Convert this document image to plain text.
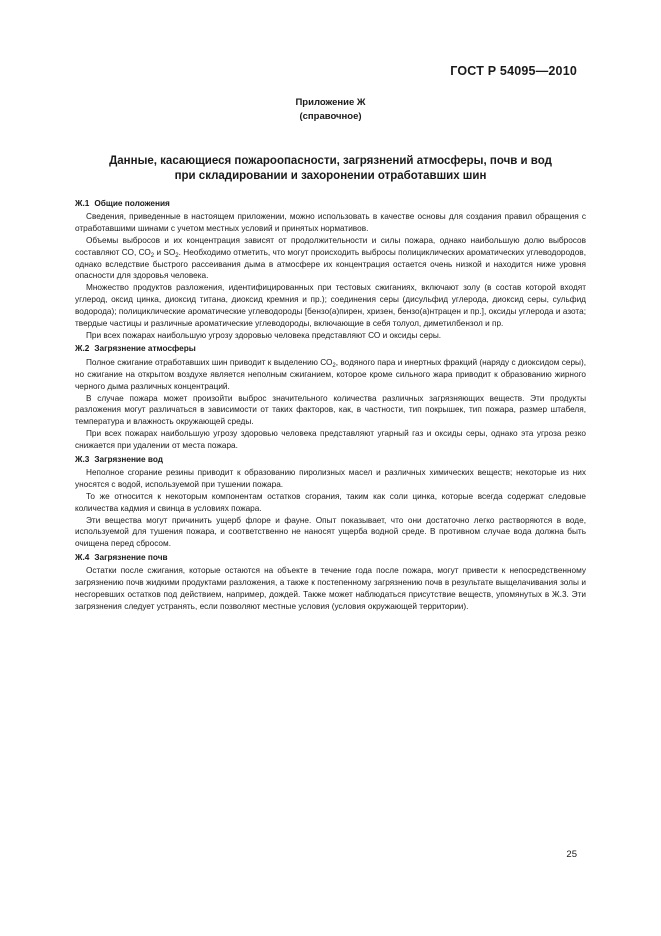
ГОСТ Р 54095—2010
Приложение Ж
(справочное)
Данные, касающиеся пожароопасности, загрязнений атмосферы, почв и вод
при складировании и захоронении отработавших шин
Ж.1 Общие положения

Сведения, приведенные в настоящем приложении, можно использовать в качестве основы для создания правил обращения с отработавшими шинами с учетом местных условий и принятых нормативов.

Объемы выбросов и их концентрация зависят от продолжительности и силы пожара, однако наибольшую долю выбросов составляют СО, $СО_2$ и $SO_2$. Необходимо отметить, что могут происходить выбросы полициклических ароматических углеводородов, однако вследствие быстрого рассеивания дыма в атмосфере их концентрация остается очень низкой и находится ниже уровня опасности для здоровья человека.

Множество продуктов разложения, идентифицированных при тестовых сжиганиях, включают золу (в состав которой входят углерод, оксид цинка, диоксид титана, диоксид кремния и пр.); соединения серы (дисульфид углерода, диоксид серы, сульфид водорода); полициклические ароматические углеводороды [бензо(а)пирен, хризен, бензо(а)нтрацен и пр.], оксиды углерода и азота; твердые частицы и различные ароматические углеводороды, включающие в себя толуол, диметилбензол и пр.

При всех пожарах наибольшую угрозу здоровью человека представляют СО и оксиды серы.

Ж.2 Загрязнение атмосферы

Полное сжигание отработавших шин приводит к выделению $СО_2$, водяного пара и инертных фракций (наряду с диоксидом серы), но сжигание на открытом воздухе является неполным сжиганием, которое кроме сильного жара приводит к образованию жирного черного дыма различных концентраций.

В случае пожара может произойти выброс значительного количества различных загрязняющих веществ. Эти продукты разложения могут различаться в зависимости от таких факторов, как, в частности, тип покрышек, тип пожара, размер штабеля, температура и влажность окружающей среды.

При всех пожарах наибольшую угрозу здоровью человека представляют угарный газ и оксиды серы, однако эта угроза резко снижается при удалении от места пожара.

Ж.3 Загрязнение вод

Неполное сгорание резины приводит к образованию пиролизных масел и различных химических веществ; некоторые из них уносятся с водой, используемой при тушении пожара.

То же относится к некоторым компонентам остатков сгорания, таким как соли цинка, которые всегда содержат следовые количества кадмия и свинца в условиях пожара.

Эти вещества могут причинить ущерб флоре и фауне. Опыт показывает, что они достаточно легко растворяются в воде, используемой для тушения пожара, и соответственно не наносят ущерба водной среде. В противном случае вода должна быть очищена перед сбросом.

Ж.4 Загрязнение почв

Остатки после сжигания, которые остаются на объекте в течение года после пожара, могут привести к непосредственному загрязнению почв жидкими продуктами разложения, а также к постепенному загрязнению почв в результате выщелачивания золы и несгоревших остатков под действием, например, дождей. Также может наблюдаться присутствие веществ, упомянутых в Ж.3. Эти загрязнения следует устранять, если позволяют местные условия (условия окружающей территории).

25
